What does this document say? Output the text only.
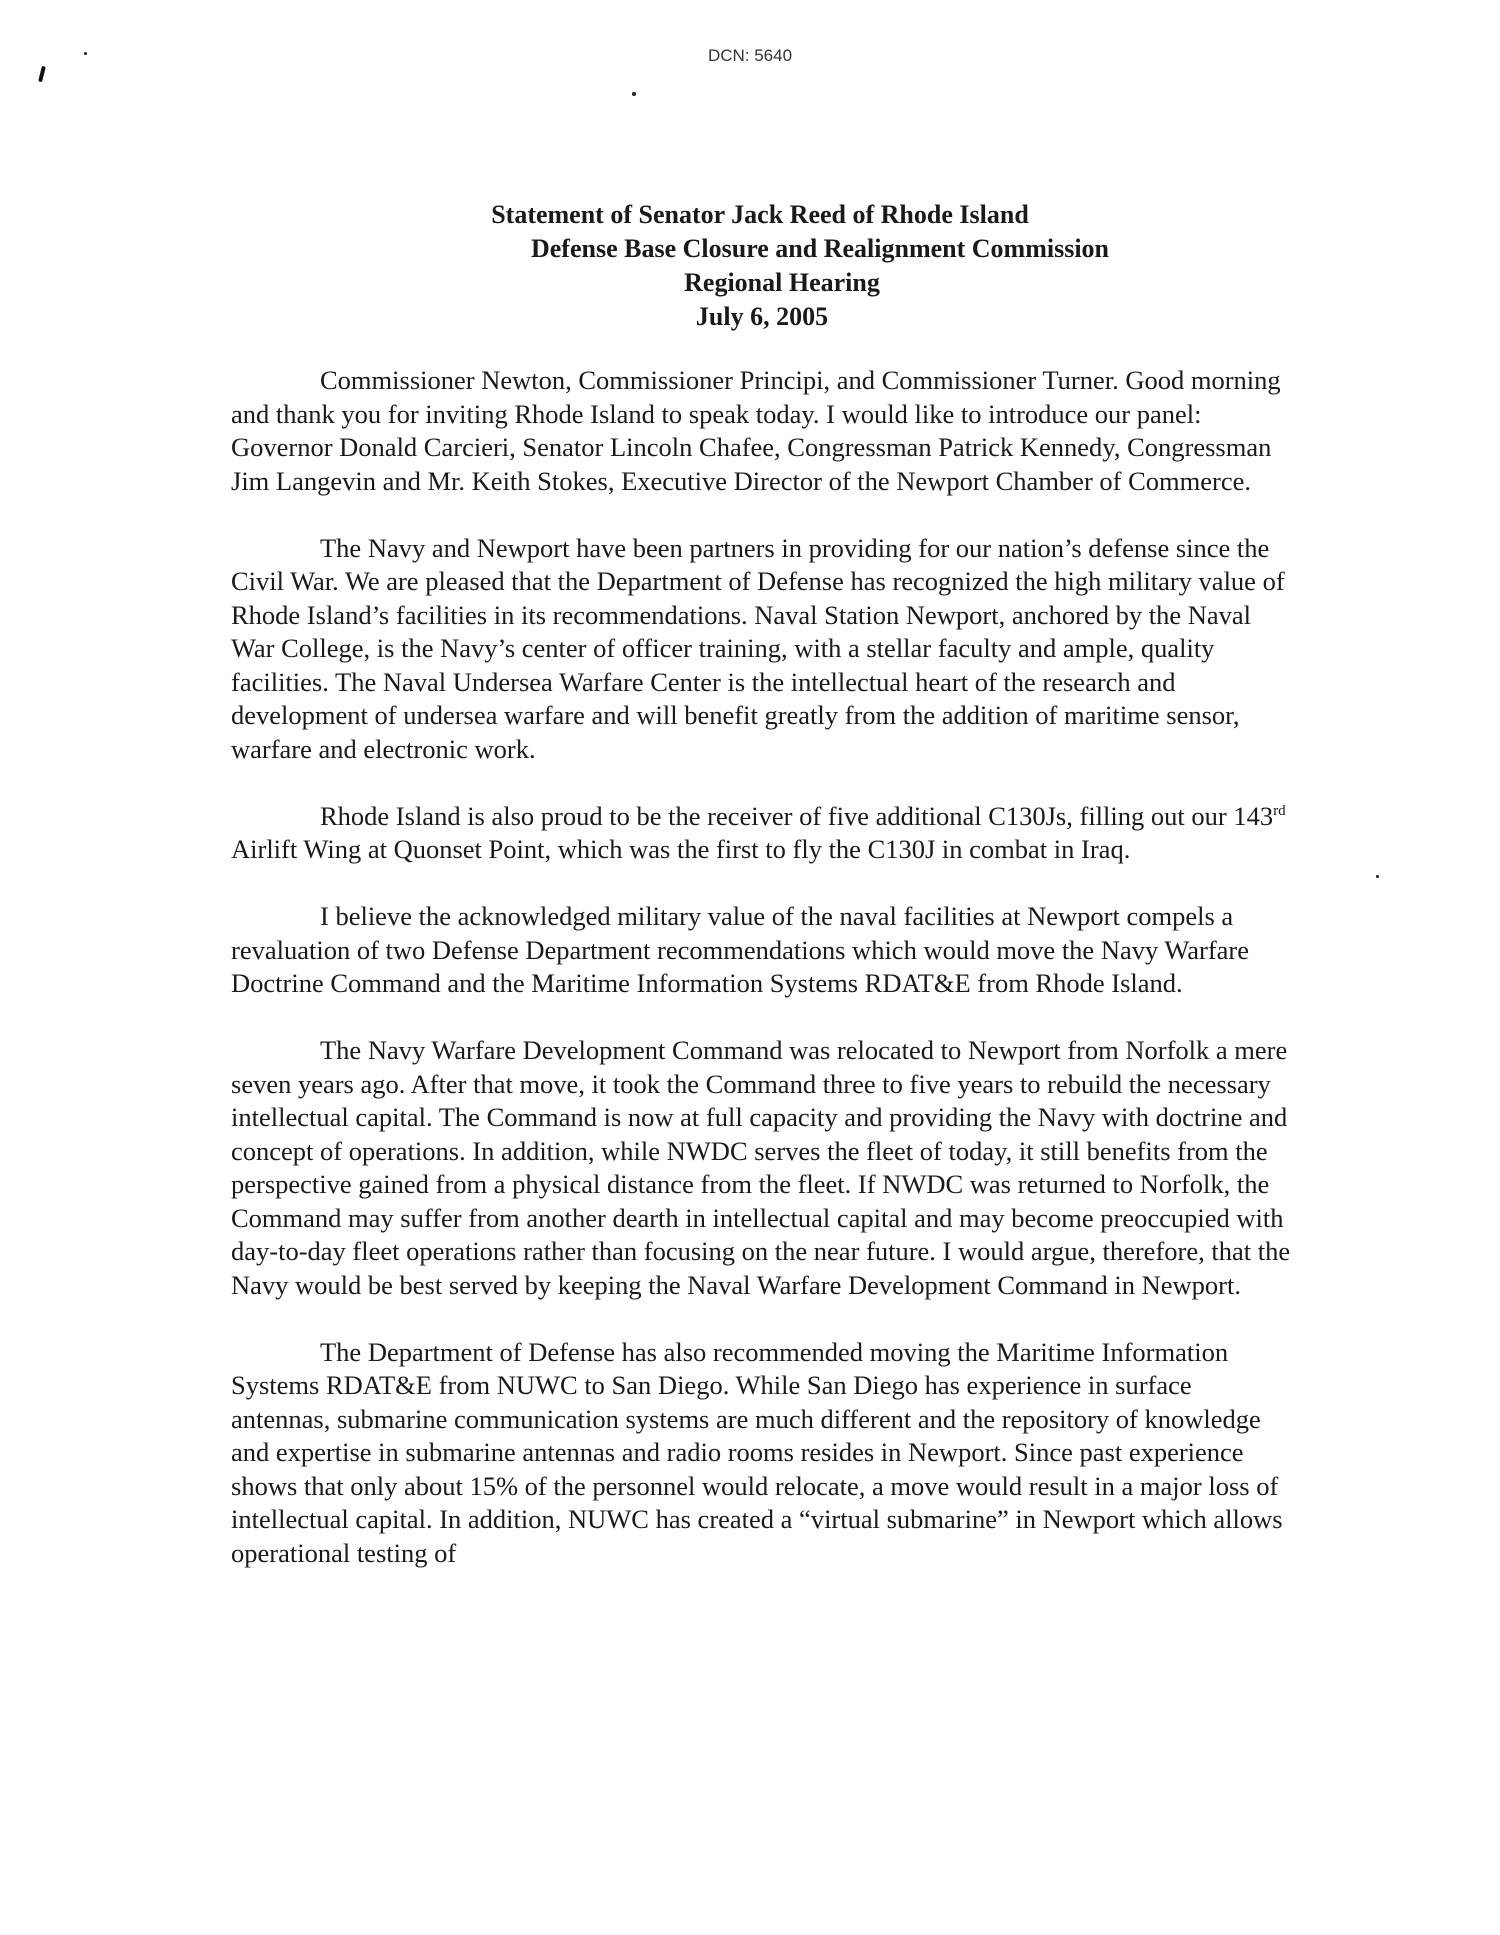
DCN: 5640
Statement of Senator Jack Reed of Rhode Island
Defense Base Closure and Realignment Commission
Regional Hearing
July 6, 2005

Commissioner Newton, Commissioner Principi, and Commissioner Turner. Good morning and thank you for inviting Rhode Island to speak today. I would like to introduce our panel: Governor Donald Carcieri, Senator Lincoln Chafee, Congressman Patrick Kennedy, Congressman Jim Langevin and Mr. Keith Stokes, Executive Director of the Newport Chamber of Commerce.

The Navy and Newport have been partners in providing for our nation’s defense since the Civil War. We are pleased that the Department of Defense has recognized the high military value of Rhode Island’s facilities in its recommendations. Naval Station Newport, anchored by the Naval War College, is the Navy’s center of officer training, with a stellar faculty and ample, quality facilities. The Naval Undersea Warfare Center is the intellectual heart of the research and development of undersea warfare and will benefit greatly from the addition of maritime sensor, warfare and electronic work.

Rhode Island is also proud to be the receiver of five additional C130Js, filling out our 143rd Airlift Wing at Quonset Point, which was the first to fly the C130J in combat in Iraq.

I believe the acknowledged military value of the naval facilities at Newport compels a revaluation of two Defense Department recommendations which would move the Navy Warfare Doctrine Command and the Maritime Information Systems RDAT&E from Rhode Island.

The Navy Warfare Development Command was relocated to Newport from Norfolk a mere seven years ago. After that move, it took the Command three to five years to rebuild the necessary intellectual capital. The Command is now at full capacity and providing the Navy with doctrine and concept of operations. In addition, while NWDC serves the fleet of today, it still benefits from the perspective gained from a physical distance from the fleet. If NWDC was returned to Norfolk, the Command may suffer from another dearth in intellectual capital and may become preoccupied with day-to-day fleet operations rather than focusing on the near future. I would argue, therefore, that the Navy would be best served by keeping the Naval Warfare Development Command in Newport.

The Department of Defense has also recommended moving the Maritime Information Systems RDAT&E from NUWC to San Diego. While San Diego has experience in surface antennas, submarine communication systems are much different and the repository of knowledge and expertise in submarine antennas and radio rooms resides in Newport. Since past experience shows that only about 15% of the personnel would relocate, a move would result in a major loss of intellectual capital. In addition, NUWC has created a “virtual submarine” in Newport which allows operational testing of
